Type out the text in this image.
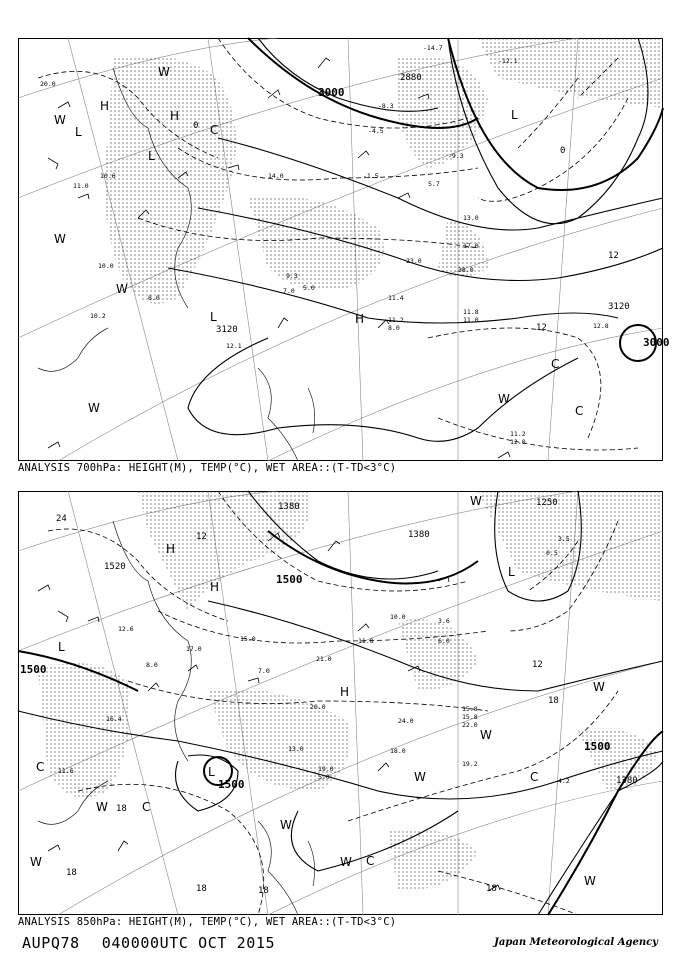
3000
2880
3120
3120
3000
0
0
12
12
H
H
L
L
L
L	H
W
W
W
W
W
W
C
C
C
20.0
11.0
10.6
10.2
10.0
8.0
14.0
9.3
5.0
13.0
17.0
23.0
38.0
11.4
11.2
8.0
11.8
11.0
12.8
11.2
12.0
-14.7
-12.1
-9.3
-8.3
-4.5
-1.5
5.7
7.0
12.1
ANALYSIS 700hPa: HEIGHT(M), TEMP(°C), WET AREA::(T-TD<3°C)
1500
1380
1380
1520
1500
1500
1500
1380
1250
24
12
12
18
18
18
18	18	18
H
H
H
L
L
L
W
W
W
W
W
W
W
W
W
C
C
C
C
12.6
17.0
15.0
21.0
11.8
7.0
20.0
13.0
24.0
19.0
18.0
19.2
15.8
5.0	4.2
10.0
6.0
3.6
11.6
16.4
8.0
0.5
3.5
15.8
22.0
ANALYSIS 850hPa: HEIGHT(M), TEMP(°C), WET AREA::(T-TD<3°C)
AUPQ78 040000UTC OCT 2015	Japan Meteorological Agency
